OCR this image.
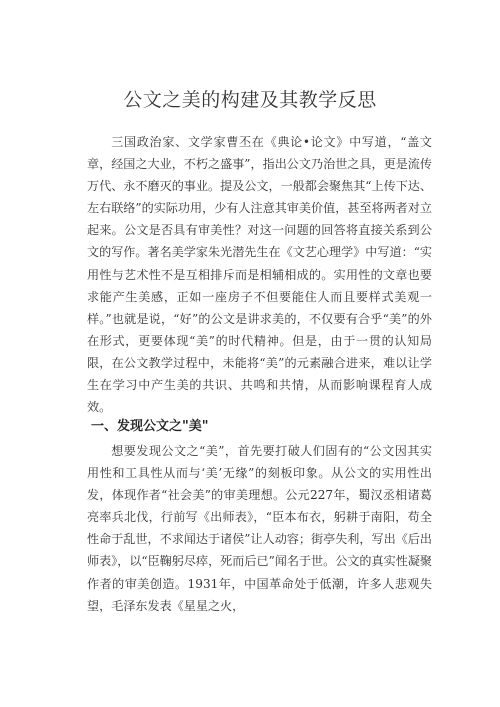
公文之美的构建及其教学反思

三国政治家、文学家曹丕在《典论•论文》中写道，“盖文章，经国之大业，不朽之盛事”，指出公文乃治世之具，更是流传万代、永不磨灭的事业。提及公文，一般都会聚焦其“上传下达、左右联络”的实际功用，少有人注意其审美价值，甚至将两者对立起来。公文是否具有审美性？对这一问题的回答将直接关系到公文的写作。著名美学家朱光潜先生在《文艺心理学》中写道：“实用性与艺术性不是互相排斥而是相辅相成的。实用性的文章也要求能产生美感，正如一座房子不但要能住人而且要样式美观一样。”也就是说，“好”的公文是讲求美的，不仅要有合乎“美”的外在形式，更要体现“美”的时代精神。但是，由于一贯的认知局限，在公文教学过程中，未能将“美”的元素融合进来，难以让学生在学习中产生美的共识、共鸣和共情，从而影响课程育人成效。

一、发现公文之"美"

想要发现公文之“美”，首先要打破人们固有的“公文因其实用性和工具性从而与‘美’无缘”的刻板印象。从公文的实用性出发，体现作者“社会美”的审美理想。公元227年，蜀汉丞相诸葛亮率兵北伐，行前写《出师表》，“臣本布衣，躬耕于南阳，苟全性命于乱世，不求闻达于诸侯”让人动容；街亭失利，写出《后出师表》，以“臣鞠躬尽瘁，死而后已”闻名于世。公文的真实性凝聚作者的审美创造。1931年，中国革命处于低潮，许多人悲观失望，毛泽东发表《星星之火，
